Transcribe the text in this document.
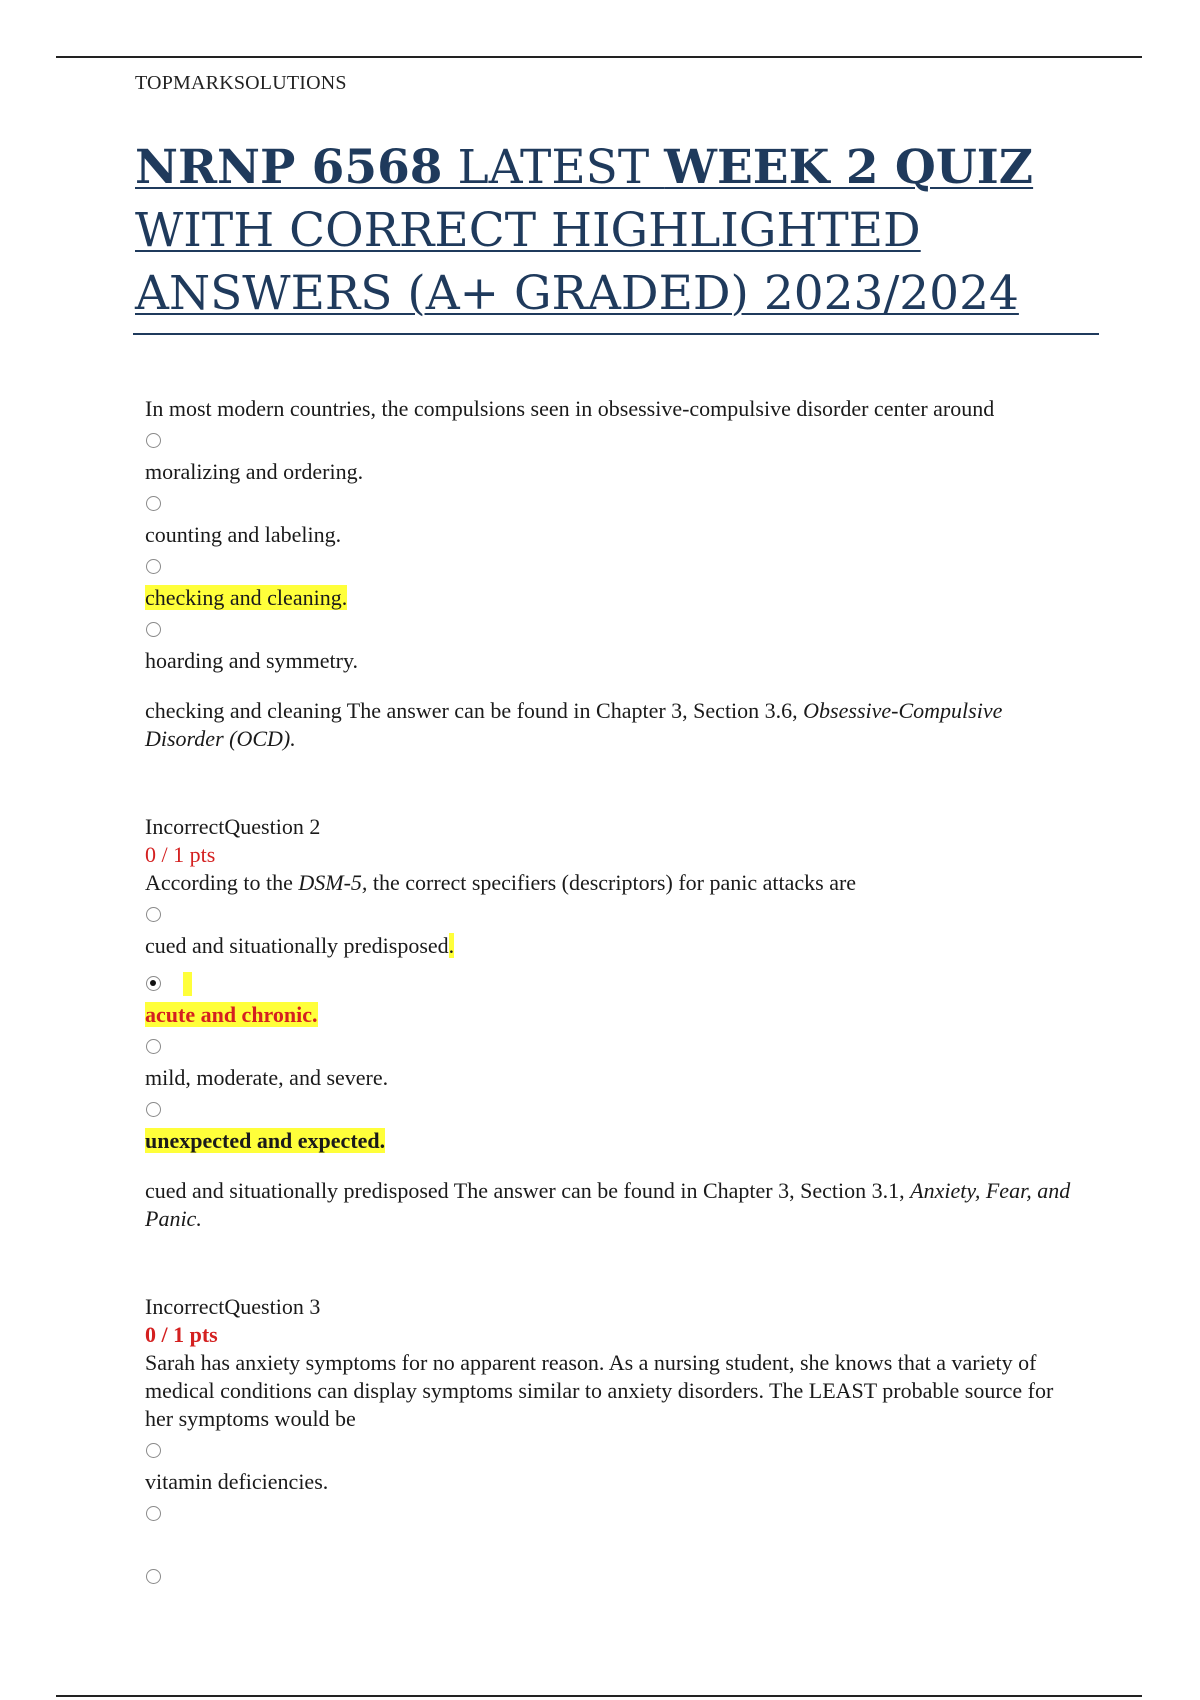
TOPMARKSOLUTIONS
NRNP 6568 LATEST WEEK 2 QUIZ WITH CORRECT HIGHLIGHTED ANSWERS (A+ GRADED) 2023/2024

In most modern countries, the compulsions seen in obsessive-compulsive disorder center around

moralizing and ordering.

counting and labeling.

checking and cleaning.

hoarding and symmetry.

checking and cleaning The answer can be found in Chapter 3, Section 3.6, Obsessive-Compulsive Disorder (OCD).

IncorrectQuestion 2

0 / 1 pts

According to the DSM-5, the correct specifiers (descriptors) for panic attacks are

cued and situationally predisposed.

acute and chronic.

mild, moderate, and severe.

unexpected and expected.

cued and situationally predisposed The answer can be found in Chapter 3, Section 3.1, Anxiety, Fear, and Panic.

IncorrectQuestion 3

0 / 1 pts

Sarah has anxiety symptoms for no apparent reason. As a nursing student, she knows that a variety of medical conditions can display symptoms similar to anxiety disorders. The LEAST probable source for her symptoms would be

vitamin deficiencies.
